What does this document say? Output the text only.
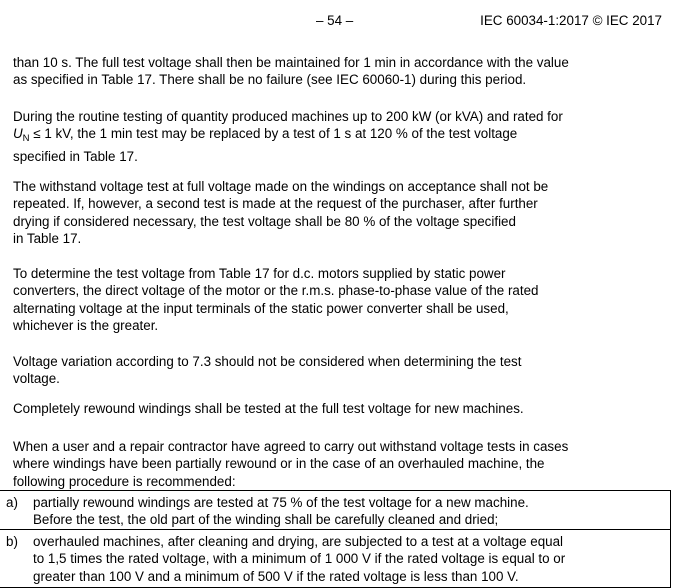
– 54 –	IEC 60034-1:2017 © IEC 2017
than 10 s. The full test voltage shall then be maintained for 1 min in accordance with the value
as specified in Table 17. There shall be no failure (see IEC 60060-1) during this period.
During the routine testing of quantity produced machines up to 200 kW (or kVA) and rated for
$U_N \le 1$ kV, the 1 min test may be replaced by a test of 1 s at 120 % of the test voltage
specified in Table 17.
The withstand voltage test at full voltage made on the windings on acceptance shall not be
repeated. If, however, a second test is made at the request of the purchaser, after further
drying if considered necessary, the test voltage shall be 80 % of the voltage specified
in Table 17.
To determine the test voltage from Table 17 for d.c. motors supplied by static power
converters, the direct voltage of the motor or the r.m.s. phase-to-phase value of the rated
alternating voltage at the input terminals of the static power converter shall be used,
whichever is the greater.
Voltage variation according to 7.3 should not be considered when determining the test
voltage.
Completely rewound windings shall be tested at the full test voltage for new machines.
When a user and a repair contractor have agreed to carry out withstand voltage tests in cases
where windings have been partially rewound or in the case of an overhauled machine, the
following procedure is recommended:
a) partially rewound windings are tested at 75 % of the test voltage for a new machine.
Before the test, the old part of the winding shall be carefully cleaned and dried;
b) overhauled machines, after cleaning and drying, are subjected to a test at a voltage equal
to 1,5 times the rated voltage, with a minimum of 1 000 V if the rated voltage is equal to or
greater than 100 V and a minimum of 500 V if the rated voltage is less than 100 V.
